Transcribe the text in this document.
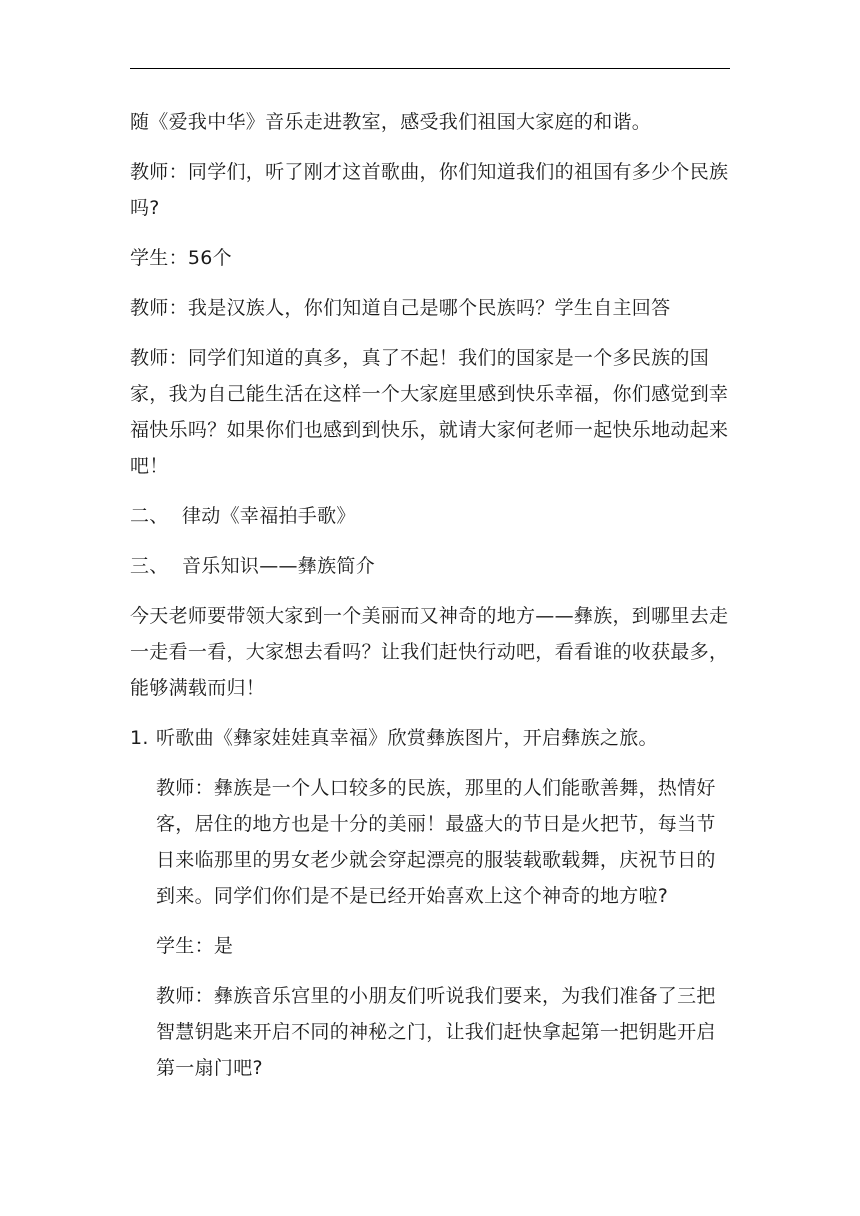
随《爱我中华》音乐走进教室，感受我们祖国大家庭的和谐。

教师：同学们，听了刚才这首歌曲，你们知道我们的祖国有多少个民族吗?

学生：56个

教师：我是汉族人，你们知道自己是哪个民族吗？学生自主回答

教师：同学们知道的真多，真了不起！我们的国家是一个多民族的国家，我为自己能生活在这样一个大家庭里感到快乐幸福，你们感觉到幸福快乐吗？如果你们也感到到快乐，就请大家何老师一起快乐地动起来吧！

二、 律动《幸福拍手歌》

三、 音乐知识——彝族简介

今天老师要带领大家到一个美丽而又神奇的地方——彝族，到哪里去走一走看一看，大家想去看吗？让我们赶快行动吧，看看谁的收获最多，能够满载而归！

1. 听歌曲《彝家娃娃真幸福》欣赏彝族图片，开启彝族之旅。

教师：彝族是一个人口较多的民族，那里的人们能歌善舞，热情好客，居住的地方也是十分的美丽！最盛大的节日是火把节，每当节日来临那里的男女老少就会穿起漂亮的服装载歌载舞，庆祝节日的到来。同学们你们是不是已经开始喜欢上这个神奇的地方啦?

学生：是

教师：彝族音乐宫里的小朋友们听说我们要来，为我们准备了三把智慧钥匙来开启不同的神秘之门，让我们赶快拿起第一把钥匙开启第一扇门吧?
